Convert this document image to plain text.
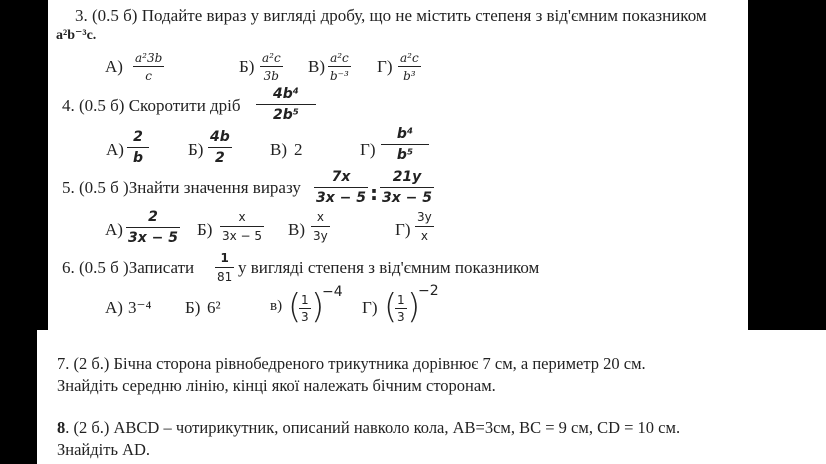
3. (0.5 б) Подайте вираз у вигляді дробу, що не містить степеня з від'ємним показником
a²b⁻³c.
А) a²3b
c	Б) a²c
3b В) a²c
b⁻³ Г) a²c
b³
4. (0.5 б) Скоротити дріб
4b⁴
2b⁵
А)
2
b	Б)
4b
2	В) 2	Г)
b⁴
b⁵
5. (0.5 б )Знайти значення виразу
7x
3x − 5 :
21y
3x − 5
А)
2
3x − 5 Б)
x
3x − 5 В)
x
3y	Г)
3y
x
6. (0.5 б )Записати 1
81 у вигляді степеня з від'ємним показником
А) 3⁻⁴ Б) 6²	в) ( 1
3 )
−4
Г) ( 1
3 )
−2
7. (2 б.) Бічна сторона рівнобедреного трикутника дорівнює 7 см, а периметр 20 см.
Знайдіть середню лінію, кінці якої належать бічним сторонам.
8. (2 б.) ABCD – чотирикутник, описаний навколо кола, AB=3см, BC = 9 см, CD = 10 см.
Знайдіть AD.
